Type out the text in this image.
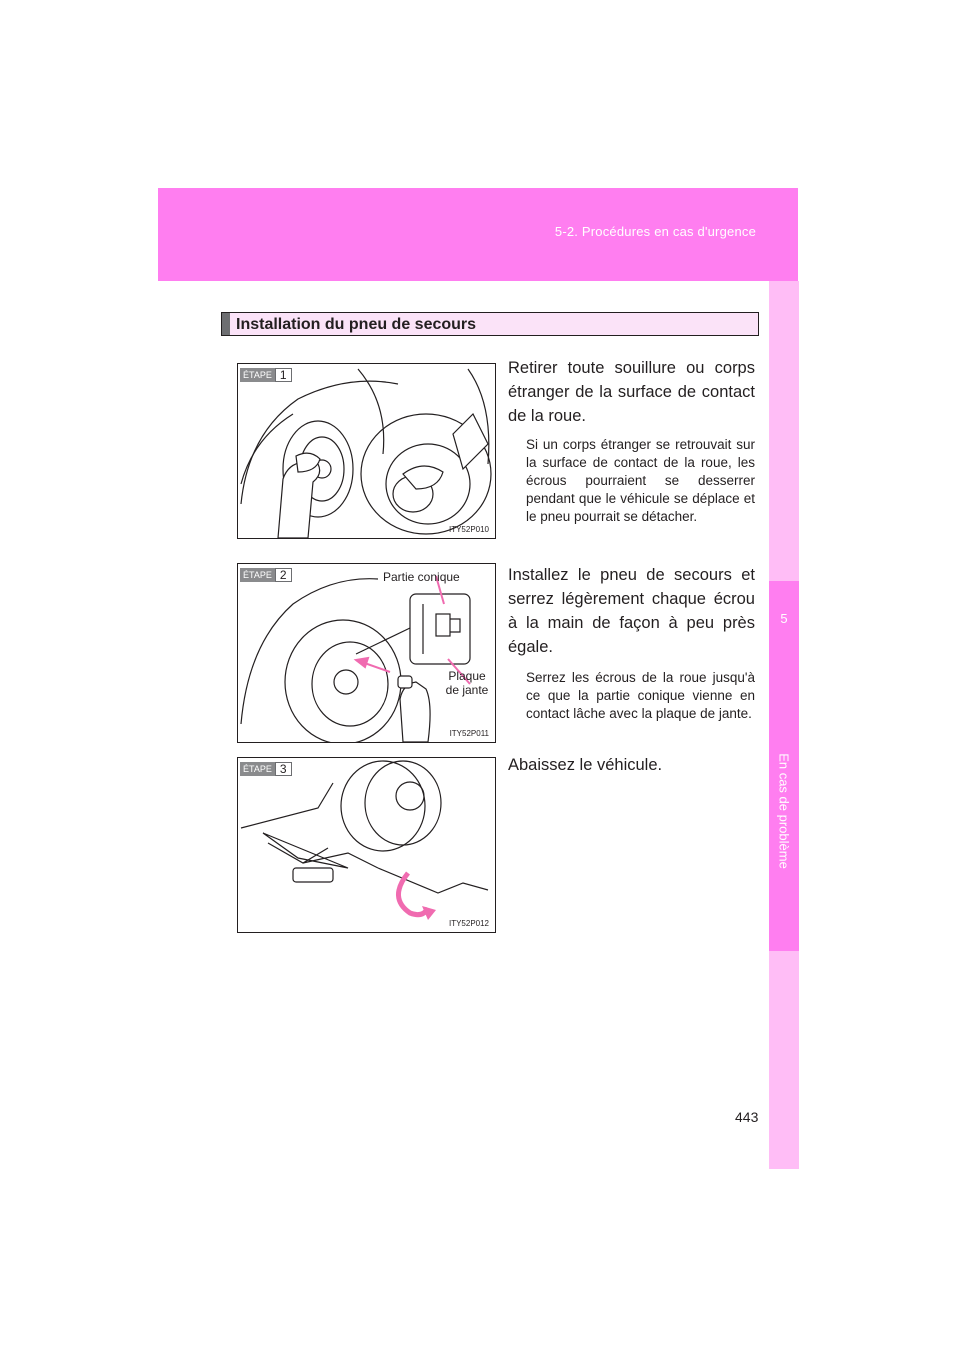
5-2. Procédures en cas d'urgence
5
En cas de problème
Installation du pneu de secours
ÉTAPE 1
ITY52P010
Retirer toute souillure ou corps étranger de la surface de contact de la roue.
Si un corps étranger se retrouvait sur la surface de contact de la roue, les écrous pourraient se desserrer pendant que le véhicule se déplace et le pneu pourrait se détacher.
ÉTAPE 2	Partie conique
Plaque de jante
ITY52P011
Installez le pneu de secours et serrez légèrement chaque écrou à la main de façon à peu près égale.
Serrez les écrous de la roue jusqu'à ce que la partie conique vienne en contact lâche avec la plaque de jante.
ÉTAPE 3
ITY52P012
Abaissez le véhicule.
443
